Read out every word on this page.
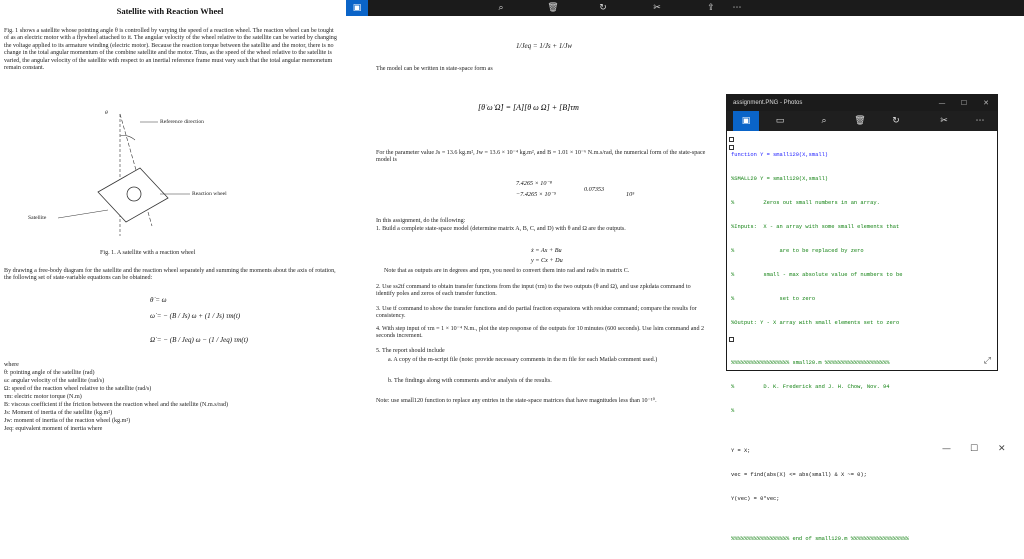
Satellite with Reaction Wheel
Fig. 1 shows a satellite whose pointing angle θ is controlled by varying the speed of a reaction wheel. The reaction wheel can be tought of as an electric motor with a flywheel attached to it. The angular velocity of the wheel relative to the satellite can be varied by changing the voltage applied to its armature winding (electric motor). Because the reaction torque between the satellite and the motor, there is no change in the total angular momentum of the combine satellite and the motor. Thus, as the speed of the wheel relative to the satellite is varied, the angular velocity of the satellite with respect to an inertial reference frame must vary such that the total angular memonetum remain constant.
θ
Reference direction
Reaction wheel
Satellite
Fig. 1. A satellite with a reaction wheel
By drawing a free-body diagram for the satellite and the reaction wheel separately and summing the moments about the axis of rotation, the following set of state-variable equations can be obtained:
θ̇ = ω
ω̇ = − (B / Js) ω + (1 / Js) τm(t)
Ω̇ = − (B / Jeq) ω − (1 / Jeq) τm(t)
where
θ: pointing angle of the satellite (rad)
ω: angular velocity of the satellite (rad/s)
Ω: speed of the reaction wheel relative to the satellite (rad/s)
τm: electric motor torque (N.m)
B: viscous coefficient if the friction between the reaction wheel and the satellite (N.m.s/rad)
Js: Moment of inertia of the satellite (kg.m²)
Jw: moment of inertia of the reaction wheel (kg.m²)
Jeq: equivalent moment of inertia where
1/Jeq = 1/Js + 1/Jw
The model can be written in state-space form as
[θ̇ ω̇ Ω̇] = [A][θ ω Ω] + [B]τm
For the parameter value Js = 13.6 kg.m², Jw = 13.6 × 10⁻⁴ kg.m², and B = 1.01 × 10⁻⁶ N.m.s/rad, the numerical form of the state-space model is
7.4265 × 10⁻⁸
−7.4265 × 10⁻⁵
0.07353
10⁵
In this assignment, do the following:
1. Build a complete state-space model (determine matrix A, B, C, and D) with θ and Ω are the outputs.
ẋ = Ax + Bu
y = Cx + Du
Note that as outputs are in degrees and rpm, you need to convert them into rad and rad/s in matrix C.
2. Use ss2tf command to obtain transfer functions from the input (τm) to the two outputs (θ and Ω), and use zpkdata command to identify poles and zeros of each transfer function.
3. Use tf command to show the transfer functions and do partial fraction expansions with residue command; compare the results for consistency.
4. With step input of τm = 1 × 10⁻⁴ N.m., plot the step response of the outputs for 10 minutes (600 seconds). Use lsim command and 2 seconds increment.
5. The report should include
a. A copy of the m-script file (note: provide necessary comments in the m file for each Matlab comment used.)
b. The findings along with comments and/or analysis of the results.
Note: use small120 function to replace any entries in the state-space matrices that have magnitudes less than 10⁻¹⁰.
▣	⌕	🗑	↻	✂	⇪	⋯
assignment.PNG - Photos	—	☐	✕
▣	▭	⌕	🗑	↻	✂	⋯

function Y = small120(X,small)

%SMALL20 Y = small120(X,small)

%         Zeros out small numbers in an array.

%Inputs:  X - an array with some small elements that

%              are to be replaced by zero

%         small - max absolute value of numbers to be

%              set to zero

%Output: Y - X array with small elements set to zero

%%%%%%%%%%%%%%%%%% small20.m %%%%%%%%%%%%%%%%%%%%

%         D. K. Frederick and J. H. Chow, Nov. 94

%

Y = X;

vec = find(abs(X) <= abs(small) & X ~= 0);

Y(vec) = 0*vec;

%%%%%%%%%%%%%%%%%% end of small120.m %%%%%%%%%%%%%%%%%%

⤢
— ☐ ✕
